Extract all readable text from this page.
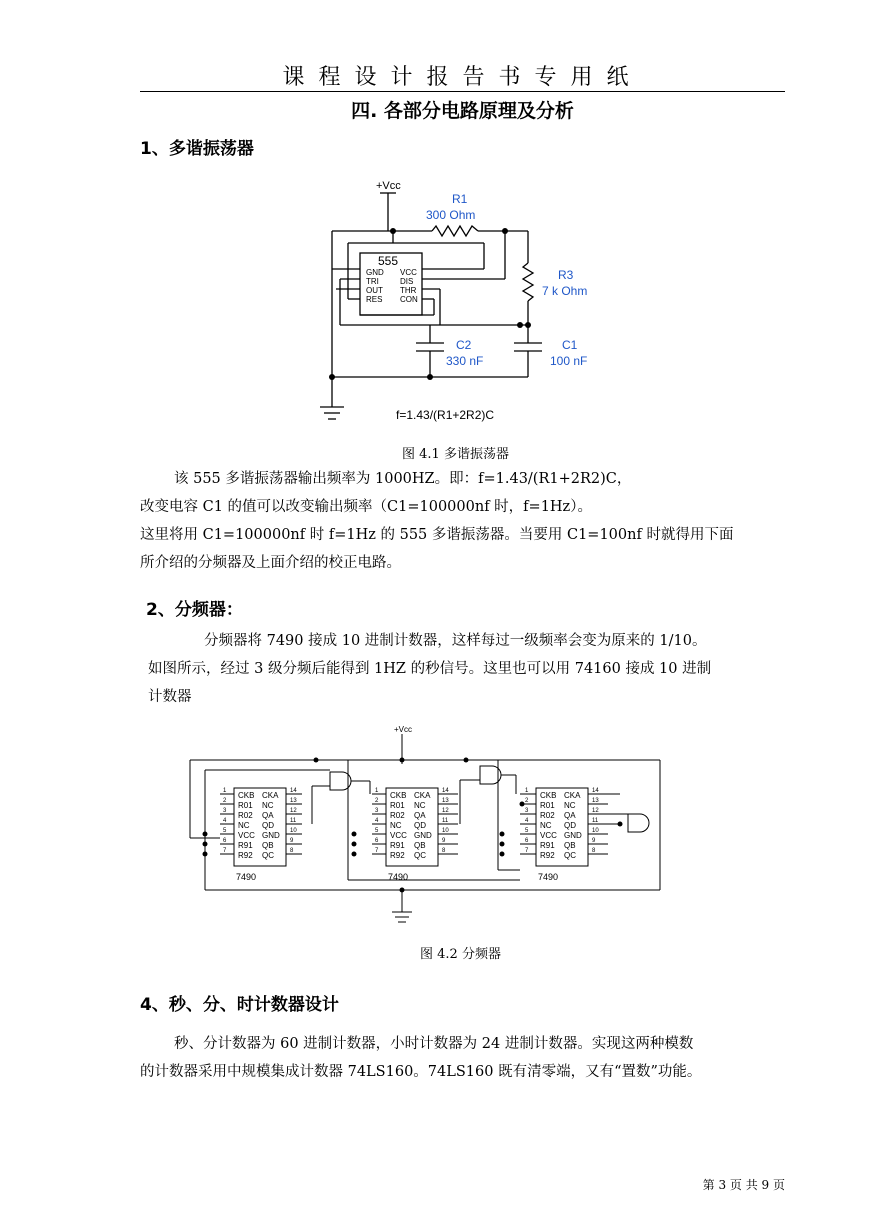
课程设计报告书专用纸
四. 各部分电路原理及分析
1、多谐振荡器
+Vcc
R1
300 Ohm
555
GND
TRI
OUT
RES
VCC
DIS
THR
CON
R3
7 k Ohm
C2
330 nF
C1
100 nF
f=1.43/(R1+2R2)C
图 4.1 多谐振荡器
该 555 多谐振荡器输出频率为 1000HZ。即：f=1.43/(R1+2R2)C，
改变电容 C1 的值可以改变输出频率（C1=100000nf 时，f=1Hz）。
这里将用 C1=100000nf 时 f=1Hz 的 555 多谐振荡器。当要用 C1=100nf 时就得用下面
所介绍的分频器及上面介绍的校正电路。
2、分频器：
分频器将 7490 接成 10 进制计数器，这样每过一级频率会变为原来的 1/10。
如图所示，经过 3 级分频后能得到 1HZ 的秒信号。这里也可以用 74160 接成 10 进制
计数器
+Vcc
CKB
R01
R02
NC
VCC
R91
R92
CKA
NC
QA
QD
GND
QB
QC
1
2
3
4
5
6
7
14
13
12
11
10
9
8
7490
CKB
R01
R02
NC
VCC
R91
R92
CKA
NC
QA
QD
GND
QB
QC
1
2
3
4
5
6
7
14
13
12
11
10
9
8
7490
CKB
R01
R02
NC
VCC
R91
R92
CKA
NC
QA
QD
GND
QB
QC
1
2
3
4
5
6
7
14
13
12
11
10
9
8
7490
图 4.2 分频器
4、秒、分、时计数器设计
秒、分计数器为 60 进制计数器，小时计数器为 24 进制计数器。实现这两种模数
的计数器采用中规模集成计数器 74LS160。74LS160 既有清零端，又有“置数”功能。
第 3 页 共 9 页
